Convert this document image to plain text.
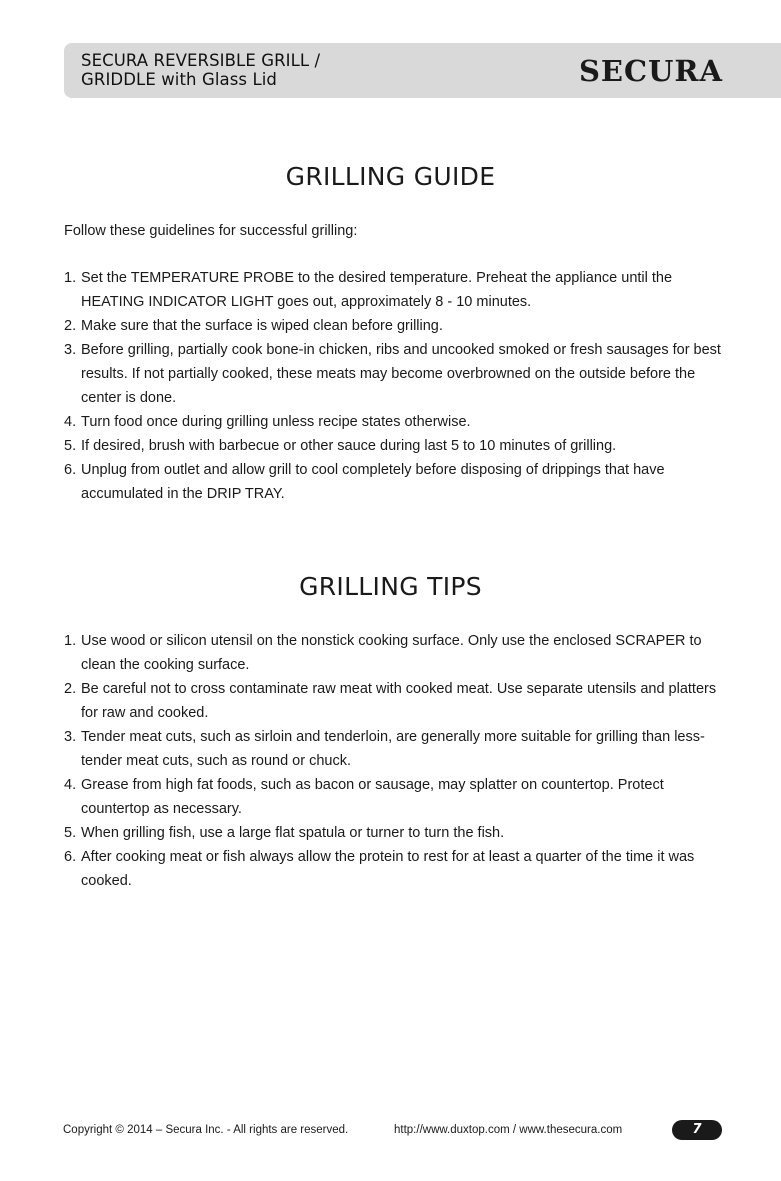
SECURA REVERSIBLE GRILL /
GRIDDLE with Glass Lid	SECURA
GRILLING GUIDE

Follow these guidelines for successful grilling:

1. Set the TEMPERATURE PROBE to the desired temperature. Preheat the appliance until the HEATING INDICATOR LIGHT goes out, approximately 8 - 10 minutes.
2. Make sure that the surface is wiped clean before grilling.
3. Before grilling, partially cook bone-in chicken, ribs and uncooked smoked or fresh sausages for best results. If not partially cooked, these meats may become overbrowned on the outside before the center is done.
4. Turn food once during grilling unless recipe states otherwise.
5. If desired, brush with barbecue or other sauce during last 5 to 10 minutes of grilling.
6. Unplug from outlet and allow grill to cool completely before disposing of drippings that have accumulated in the DRIP TRAY.
GRILLING TIPS
1. Use wood or silicon utensil on the nonstick cooking surface. Only use the enclosed SCRAPER to clean the cooking surface.
2. Be careful not to cross contaminate raw meat with cooked meat. Use separate utensils and platters for raw and cooked.
3. Tender meat cuts, such as sirloin and tenderloin, are generally more suitable for grilling than less-tender meat cuts, such as round or chuck.
4. Grease from high fat foods, such as bacon or sausage, may splatter on countertop. Protect countertop as necessary.
5. When grilling fish, use a large flat spatula or turner to turn the fish.
6. After cooking meat or fish always allow the protein to rest for at least a quarter of the time it was cooked.
Copyright © 2014 – Secura Inc. - All rights are reserved.	http://www.duxtop.com / www.thesecura.com	7
